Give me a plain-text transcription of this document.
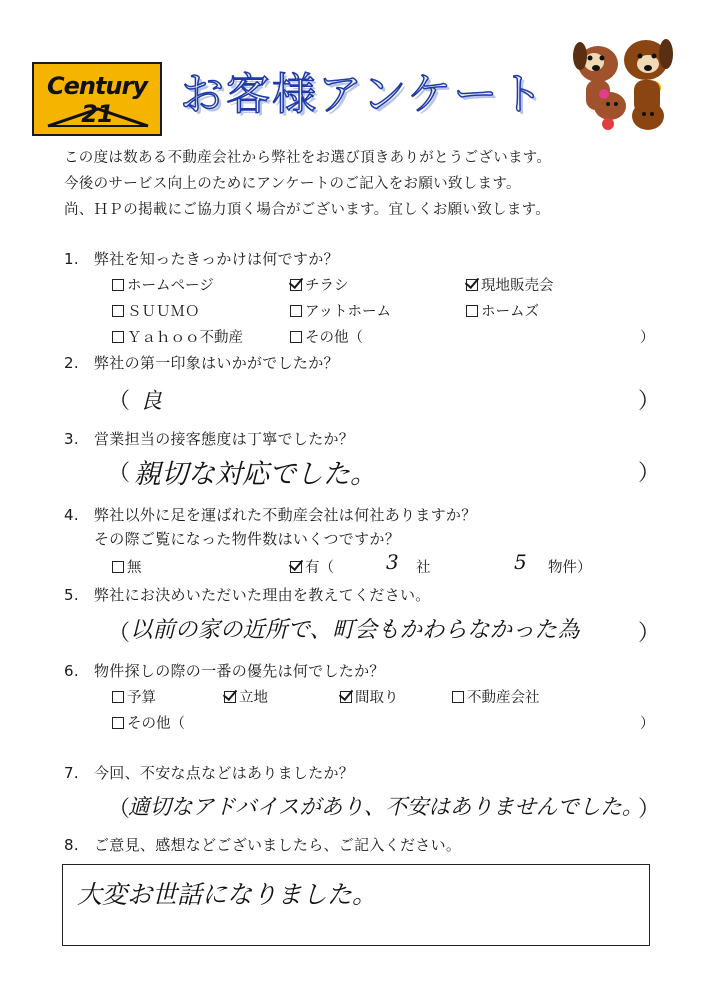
Century 21	お客様アンケート
この度は数ある不動産会社から弊社をお選び頂きありがとうございます。
今後のサービス向上のためにアンケートのご記入をお願い致します。
尚、ＨＰの掲載にご協力頂く場合がございます。宜しくお願い致します。
1. 弊社を知ったきっかけは何ですか？
ホームページ	チラシ	現地販売会
ＳＵＵＭＯ	アットホーム	ホームズ
Ｙａｈｏｏ不動産	その他（	）
2. 弊社の第一印象はいかがでしたか？
（ 良	）
3. 営業担当の接客態度は丁寧でしたか？
（ 親切な対応でした。	）
4. 弊社以外に足を運ばれた不動産会社は何社ありますか？
その際ご覧になった物件数はいくつですか？
無	有（	3 社	5 物件）
5. 弊社にお決めいただいた理由を教えてください。
（ 以前の家の近所で、町会もかわらなかった為	）
6. 物件探しの際の一番の優先は何でしたか？
予算	立地	間取り	不動産会社
その他（	）
7. 今回、不安な点などはありましたか？
（
適切なアドバイスがあり、不安はありませんでした。
）
8. ご意見、感想などございましたら、ご記入ください。
大変お世話になりました。
